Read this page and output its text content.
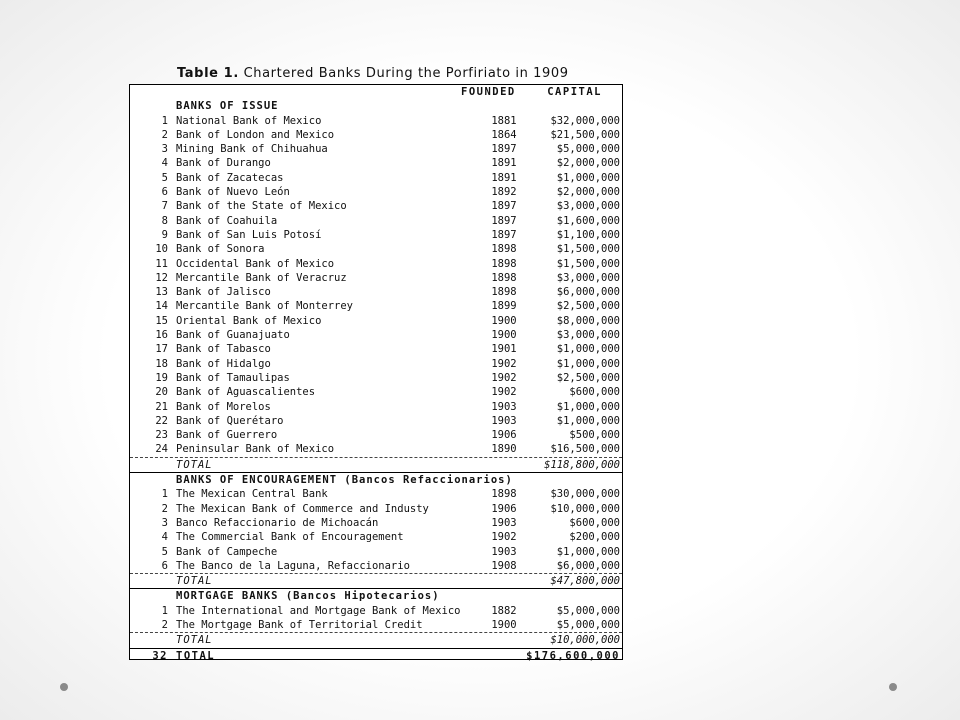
Table 1. Chartered Banks During the Porfiriato in 1909
FOUNDED	CAPITAL
BANKS OF ISSUE
1 National Bank of Mexico	1881	$32,000,000
2 Bank of London and Mexico	1864	$21,500,000
3 Mining Bank of Chihuahua	1897	$5,000,000
4 Bank of Durango	1891	$2,000,000
5 Bank of Zacatecas	1891	$1,000,000
6 Bank of Nuevo León	1892	$2,000,000
7 Bank of the State of Mexico	1897	$3,000,000
8 Bank of Coahuila	1897	$1,600,000
9 Bank of San Luis Potosí	1897	$1,100,000
10 Bank of Sonora	1898	$1,500,000
11 Occidental Bank of Mexico	1898	$1,500,000
12 Mercantile Bank of Veracruz	1898	$3,000,000
13 Bank of Jalisco	1898	$6,000,000
14 Mercantile Bank of Monterrey	1899	$2,500,000
15 Oriental Bank of Mexico	1900	$8,000,000
16 Bank of Guanajuato	1900	$3,000,000
17 Bank of Tabasco	1901	$1,000,000
18 Bank of Hidalgo	1902	$1,000,000
19 Bank of Tamaulipas	1902	$2,500,000
20 Bank of Aguascalientes	1902	$600,000
21 Bank of Morelos	1903	$1,000,000
22 Bank of Querétaro	1903	$1,000,000
23 Bank of Guerrero	1906	$500,000
24 Peninsular Bank of Mexico	1890	$16,500,000
TOTAL	$118,800,000
BANKS OF ENCOURAGEMENT (Bancos Refaccionarios)
1 The Mexican Central Bank	1898	$30,000,000
2 The Mexican Bank of Commerce and Industy	1906	$10,000,000
3 Banco Refaccionario de Michoacán	1903	$600,000
4 The Commercial Bank of Encouragement	1902	$200,000
5 Bank of Campeche	1903	$1,000,000
6 The Banco de la Laguna, Refaccionario	1908	$6,000,000
TOTAL	$47,800,000
MORTGAGE BANKS (Bancos Hipotecarios)
1 The International and Mortgage Bank of Mexico	1882	$5,000,000
2 The Mortgage Bank of Territorial Credit	1900	$5,000,000
TOTAL	$10,000,000
32 TOTAL	$176,600,000
